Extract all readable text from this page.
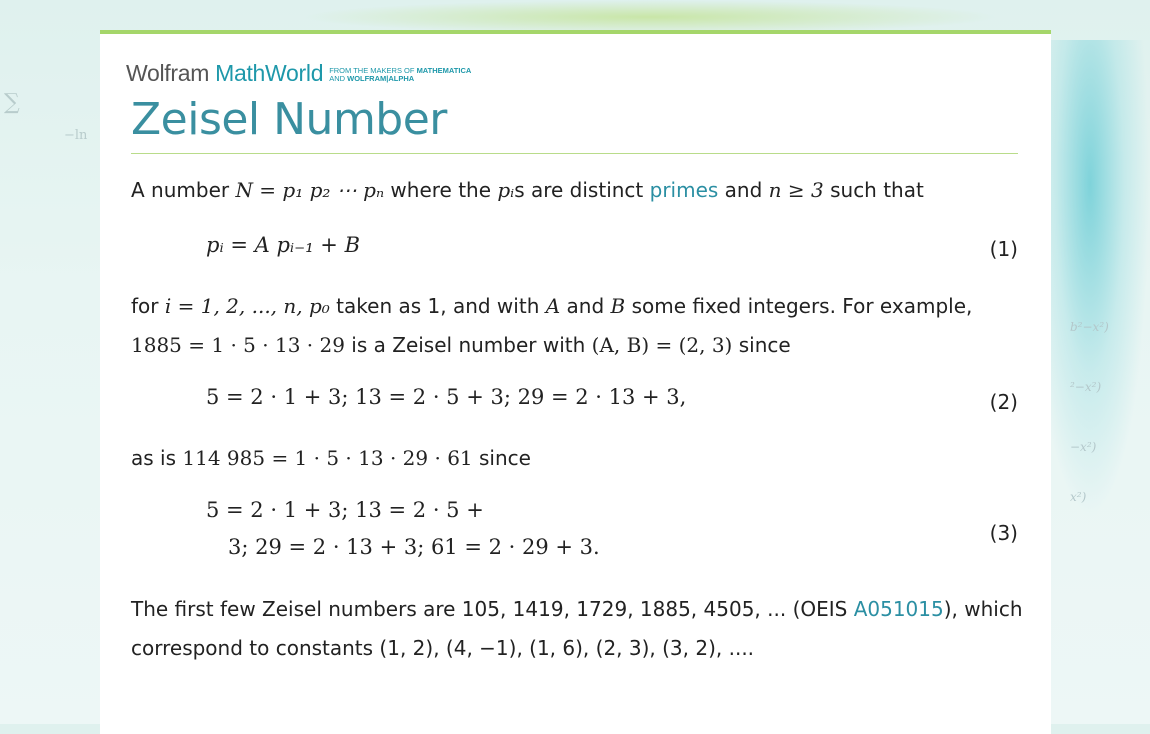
∑
−ln
b²−x²)
²−x²)
−x²)
x²)
Wolfram MathWorld FROM THE MAKERS OF MATHEMATICA
AND WOLFRAM|ALPHA
Zeisel Number
A number N = p₁ p₂ ⋯ pₙ where the pᵢs are distinct primes and n ≥ 3 such that
pᵢ = A pᵢ₋₁ + B	(1)
for i = 1, 2, ..., n, p₀ taken as 1, and with A and B some fixed integers. For example,
1885 = 1 · 5 · 13 · 29 is a Zeisel number with (A, B) = (2, 3) since
5 = 2 · 1 + 3; 13 = 2 · 5 + 3; 29 = 2 · 13 + 3,	(2)
as is 114 985 = 1 · 5 · 13 · 29 · 61 since
5 = 2 · 1 + 3; 13 = 2 · 5 +
3; 29 = 2 · 13 + 3; 61 = 2 · 29 + 3.
(3)
The first few Zeisel numbers are 105, 1419, 1729, 1885, 4505, ... (OEIS A051015), which
correspond to constants (1, 2), (4, −1), (1, 6), (2, 3), (3, 2), ....
